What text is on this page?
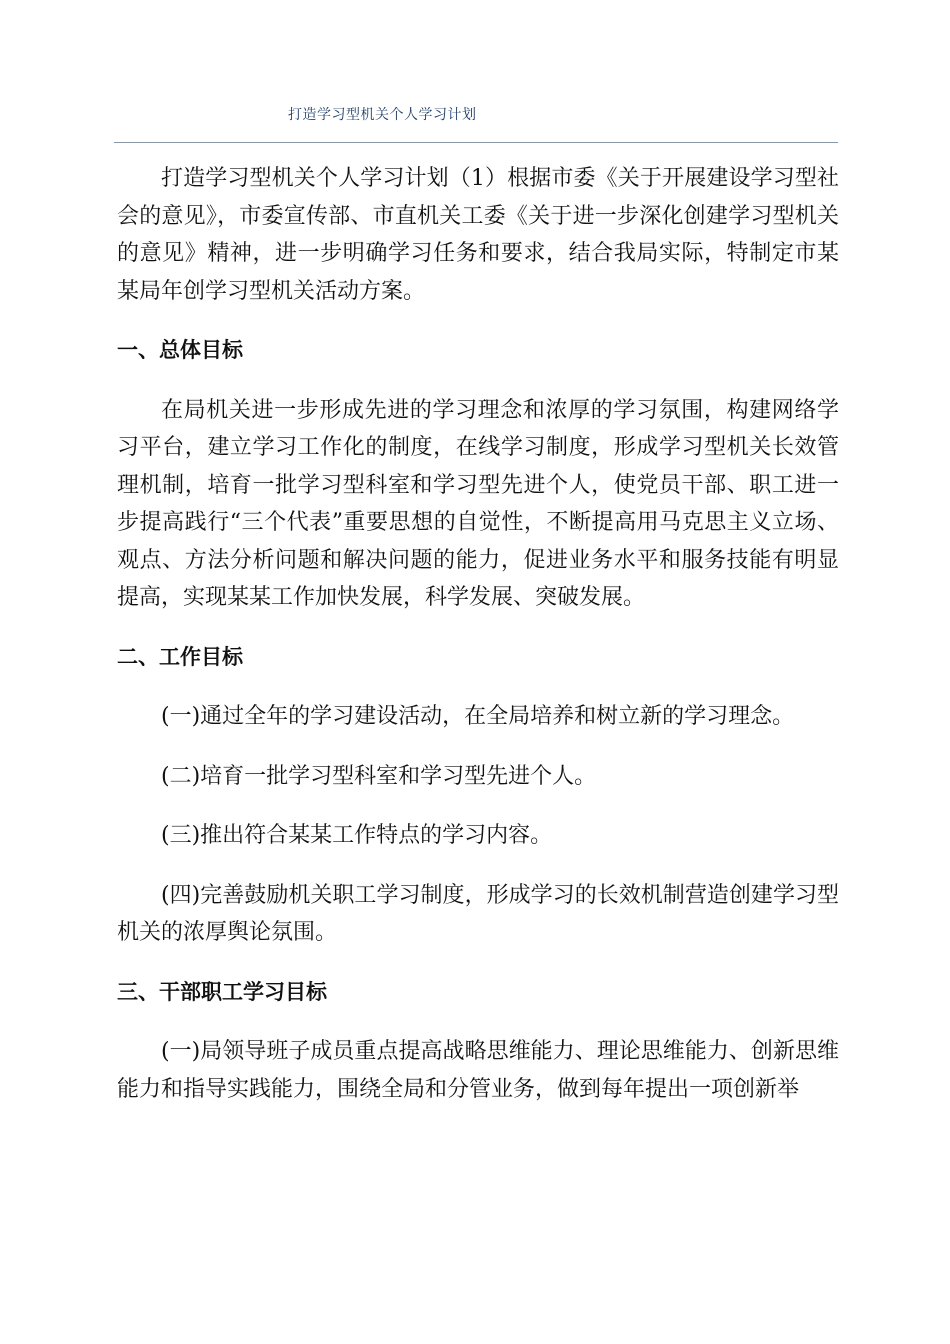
打造学习型机关个人学习计划

打造学习型机关个人学习计划（1）根据市委《关于开展建设学习型社会的意见》，市委宣传部、市直机关工委《关于进一步深化创建学习型机关的意见》精神，进一步明确学习任务和要求，结合我局实际，特制定市某某局年创学习型机关活动方案。

一、总体目标

在局机关进一步形成先进的学习理念和浓厚的学习氛围，构建网络学习平台，建立学习工作化的制度，在线学习制度，形成学习型机关长效管理机制，培育一批学习型科室和学习型先进个人，使党员干部、职工进一步提高践行“三个代表”重要思想的自觉性，不断提高用马克思主义立场、观点、方法分析问题和解决问题的能力，促进业务水平和服务技能有明显提高，实现某某工作加快发展，科学发展、突破发展。

二、工作目标

(一)通过全年的学习建设活动，在全局培养和树立新的学习理念。

(二)培育一批学习型科室和学习型先进个人。

(三)推出符合某某工作特点的学习内容。

(四)完善鼓励机关职工学习制度，形成学习的长效机制营造创建学习型机关的浓厚舆论氛围。

三、干部职工学习目标

(一)局领导班子成员重点提高战略思维能力、理论思维能力、创新思维能力和指导实践能力，围绕全局和分管业务，做到每年提出一项创新举
